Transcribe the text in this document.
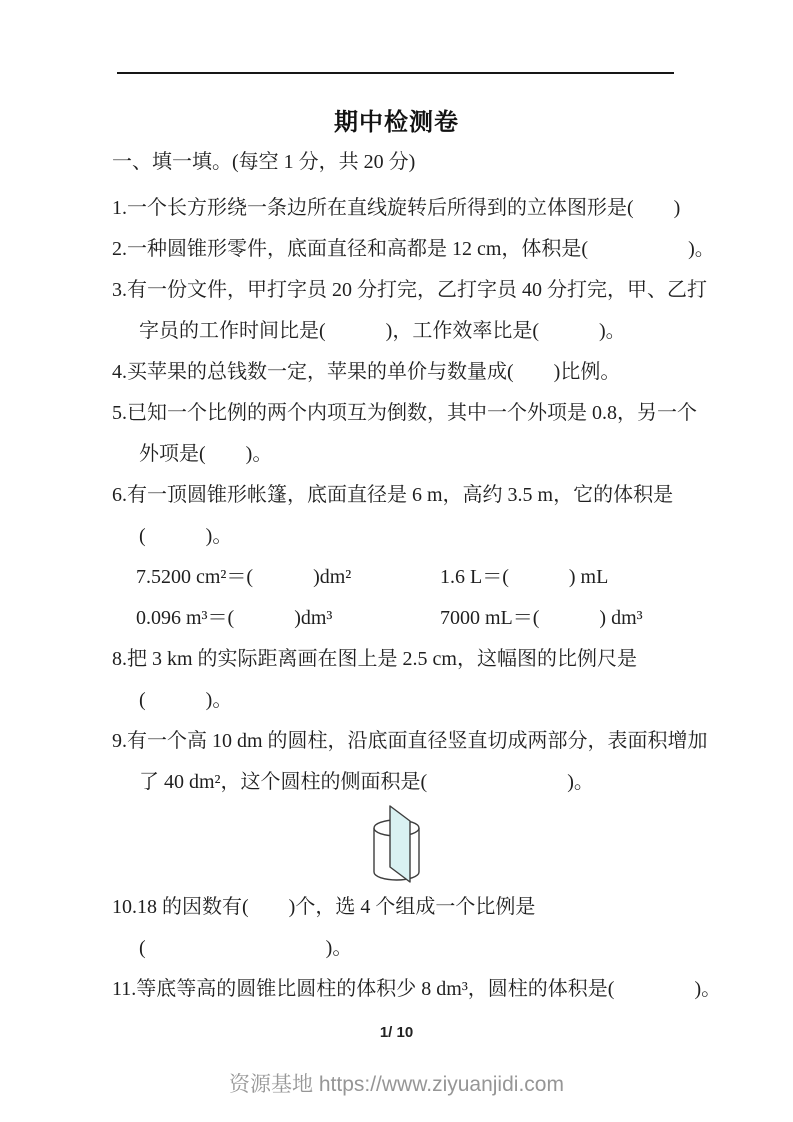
期中检测卷
一、填一填。(每空 1 分，共 20 分)
1.一个长方形绕一条边所在直线旋转后所得到的立体图形是(　　)
2.一种圆锥形零件，底面直径和高都是 12 cm，体积是(　　　　　)。
3.有一份文件，甲打字员 20 分打完，乙打字员 40 分打完，甲、乙打
字员的工作时间比是(　　　)，工作效率比是(　　　)。
4.买苹果的总钱数一定，苹果的单价与数量成(　　)比例。
5.已知一个比例的两个内项互为倒数，其中一个外项是 0.8，另一个
外项是(　　)。
6.有一顶圆锥形帐篷，底面直径是 6 m，高约 3.5 m，它的体积是
(　　　)。
7.5200 cm²＝(　　　)dm²	1.6 L＝(　　　) mL
0.096 m³＝(　　　)dm³	7000 mL＝(　　　) dm³
8.把 3 km 的实际距离画在图上是 2.5 cm，这幅图的比例尺是
(　　　)。
9.有一个高 10 dm 的圆柱，沿底面直径竖直切成两部分，表面积增加
了 40 dm²，这个圆柱的侧面积是(　　　　　　　)。
10.18 的因数有(　　)个，选 4 个组成一个比例是
(　　　　　　　　　)。
11.等底等高的圆锥比圆柱的体积少 8 dm³，圆柱的体积是(　　　　)。
1/ 10
资源基地 https://www.ziyuanjidi.com
